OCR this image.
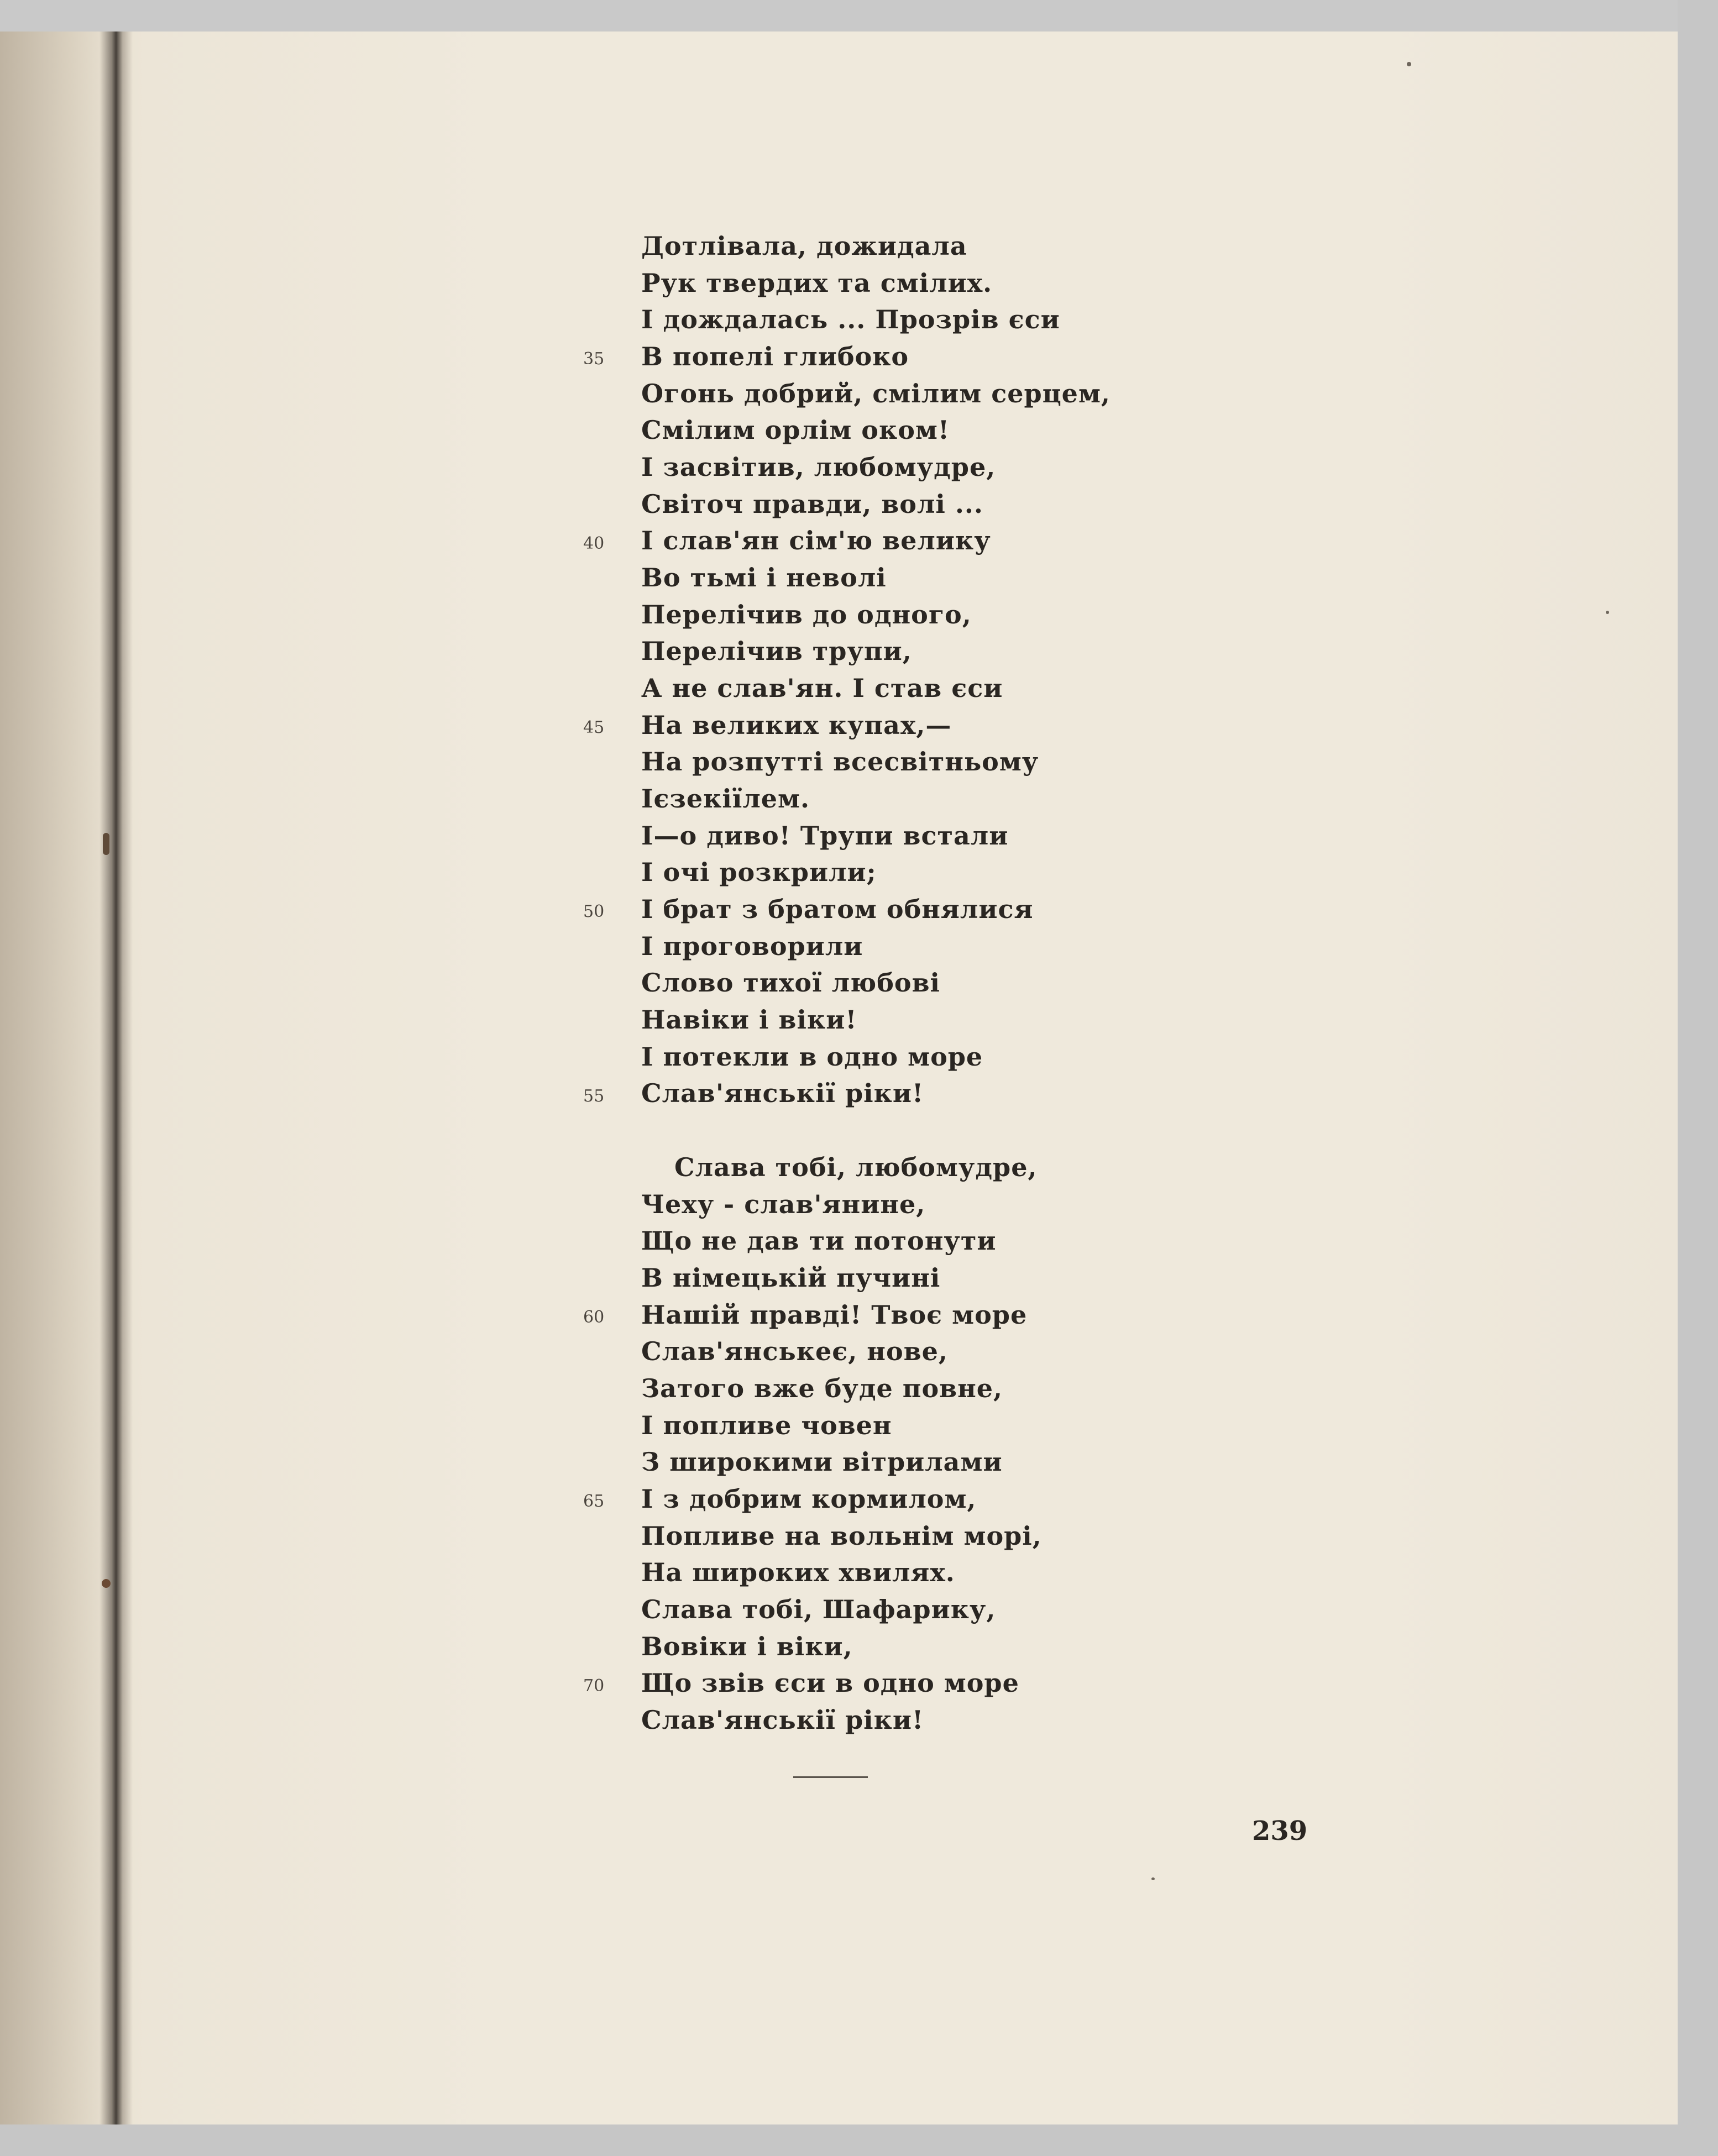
Дотлівала, дожидала
Рук твердих та смілих.
І дождалась ... Прозрів єси
35 В попелі глибоко
Огонь добрий, смілим серцем,
Смілим орлім оком!
І засвітив, любомудре,
Світоч правди, волі ...
40 І слав'ян сім'ю велику
Во тьмі і неволі
Перелічив до одного,
Перелічив трупи,
А не слав'ян. І став єси
45 На великих купах,—
На розпутті всесвітньому
Ієзекіїлем.
І—о диво! Трупи встали
І очі розкрили;
50 І брат з братом обнялися
І проговорили
Слово тихої любові
Навіки і віки!
І потекли в одно море
55 Слав'янськії ріки!
Слава тобі, любомудре,
Чеху - слав'янине,
Що не дав ти потонути
В німецькій пучині
60 Нашій правді! Твоє море
Слав'янськеє, нове,
Затого вже буде повне,
І попливе човен
З широкими вітрилами
65 І з добрим кормилом,
Попливе на вольнім морі,
На широких хвилях.
Слава тобі, Шафарику,
Вовіки і віки,
70 Що звів єси в одно море
Слав'янськії ріки!
239
